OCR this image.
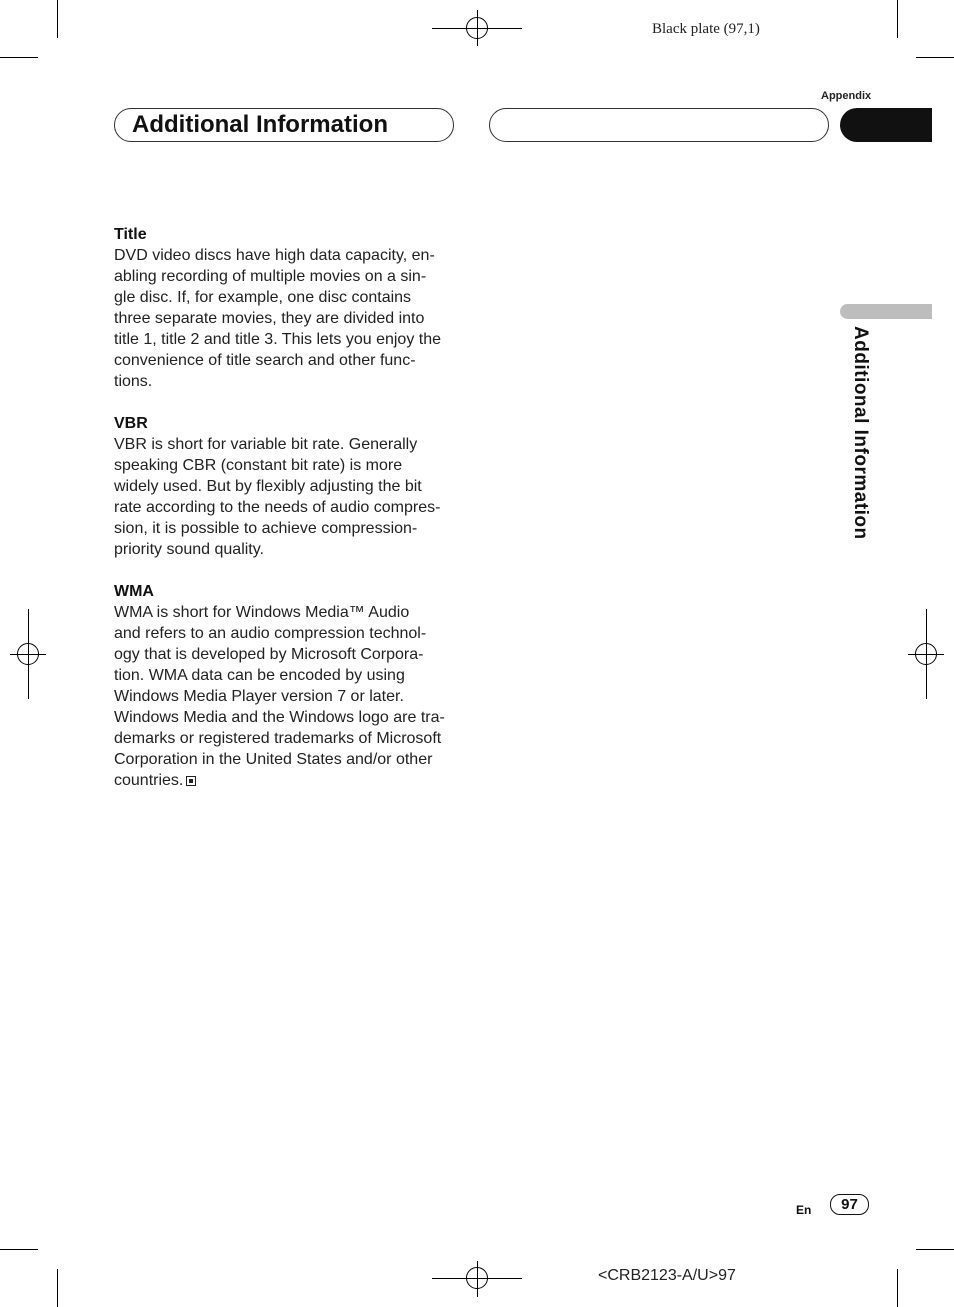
Black plate (97,1)
Appendix
Additional Information
Additional Information
Title
DVD video discs have high data capacity, en-
abling recording of multiple movies on a sin-
gle disc. If, for example, one disc contains
three separate movies, they are divided into
title 1, title 2 and title 3. This lets you enjoy the
convenience of title search and other func-
tions.
VBR
VBR is short for variable bit rate. Generally
speaking CBR (constant bit rate) is more
widely used. But by flexibly adjusting the bit
rate according to the needs of audio compres-
sion, it is possible to achieve compression-
priority sound quality.
WMA
WMA is short for Windows Media™ Audio
and refers to an audio compression technol-
ogy that is developed by Microsoft Corpora-
tion. WMA data can be encoded by using
Windows Media Player version 7 or later.
Windows Media and the Windows logo are tra-
demarks or registered trademarks of Microsoft
Corporation in the United States and/or other
countries.
En	97
<CRB2123-A/U>97
